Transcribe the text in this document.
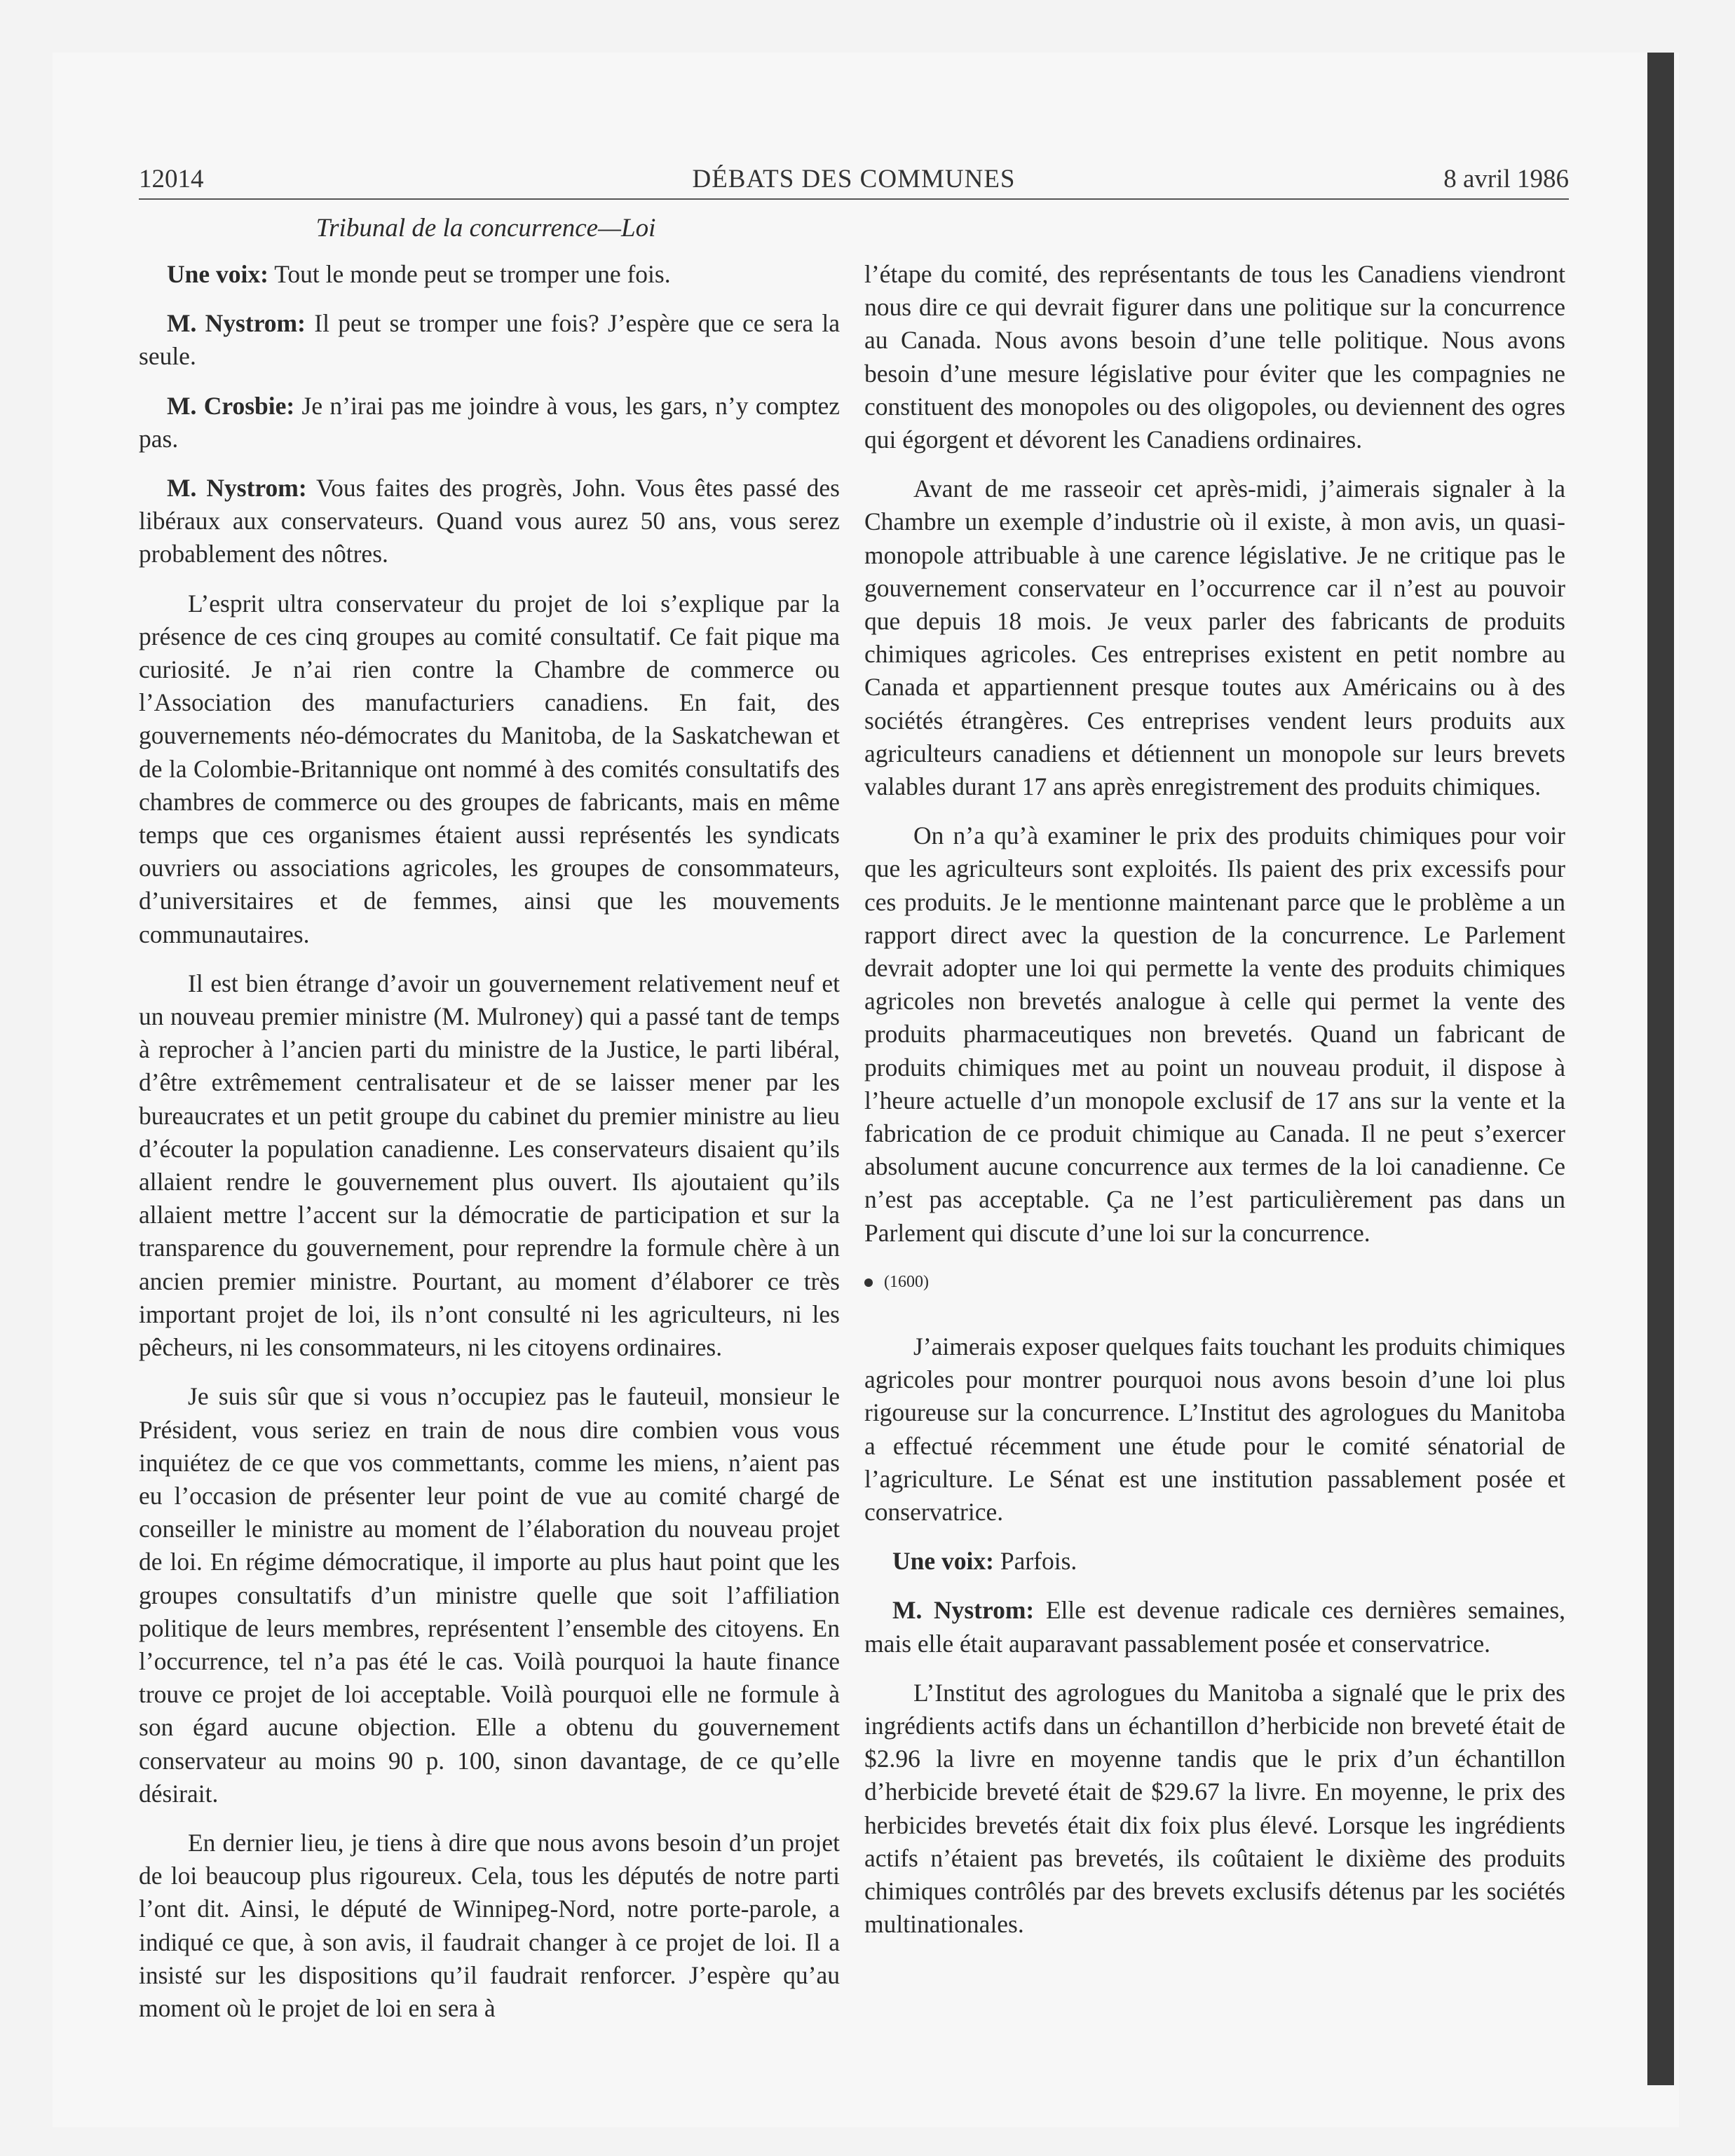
12014	DÉBATS DES COMMUNES	8 avril 1986
Tribunal de la concurrence—Loi

Une voix: Tout le monde peut se tromper une fois.

M. Nystrom: Il peut se tromper une fois? J’espère que ce sera la seule.

M. Crosbie: Je n’irai pas me joindre à vous, les gars, n’y comptez pas.

M. Nystrom: Vous faites des progrès, John. Vous êtes passé des libéraux aux conservateurs. Quand vous aurez 50 ans, vous serez probablement des nôtres.

L’esprit ultra conservateur du projet de loi s’explique par la présence de ces cinq groupes au comité consultatif. Ce fait pique ma curiosité. Je n’ai rien contre la Chambre de commerce ou l’Association des manufacturiers canadiens. En fait, des gouvernements néo-démocrates du Manitoba, de la Saskatchewan et de la Colombie-Britannique ont nommé à des comités consultatifs des chambres de commerce ou des groupes de fabricants, mais en même temps que ces organismes étaient aussi représentés les syndicats ouvriers ou associations agricoles, les groupes de consommateurs, d’universitaires et de femmes, ainsi que les mouvements communautaires.

Il est bien étrange d’avoir un gouvernement relativement neuf et un nouveau premier ministre (M. Mulroney) qui a passé tant de temps à reprocher à l’ancien parti du ministre de la Justice, le parti libéral, d’être extrêmement centralisateur et de se laisser mener par les bureaucrates et un petit groupe du cabinet du premier ministre au lieu d’écouter la population canadienne. Les conservateurs disaient qu’ils allaient rendre le gouvernement plus ouvert. Ils ajoutaient qu’ils allaient mettre l’accent sur la démocratie de participation et sur la transparence du gouvernement, pour reprendre la formule chère à un ancien premier ministre. Pourtant, au moment d’élaborer ce très important projet de loi, ils n’ont consulté ni les agriculteurs, ni les pêcheurs, ni les consommateurs, ni les citoyens ordinaires.

Je suis sûr que si vous n’occupiez pas le fauteuil, monsieur le Président, vous seriez en train de nous dire combien vous vous inquiétez de ce que vos commettants, comme les miens, n’aient pas eu l’occasion de présenter leur point de vue au comité chargé de conseiller le ministre au moment de l’élaboration du nouveau projet de loi. En régime démocratique, il importe au plus haut point que les groupes consultatifs d’un ministre quelle que soit l’affiliation politique de leurs membres, représentent l’ensemble des citoyens. En l’occurrence, tel n’a pas été le cas. Voilà pourquoi la haute finance trouve ce projet de loi acceptable. Voilà pourquoi elle ne formule à son égard aucune objection. Elle a obtenu du gouvernement conservateur au moins 90 p. 100, sinon davantage, de ce qu’elle désirait.

En dernier lieu, je tiens à dire que nous avons besoin d’un projet de loi beaucoup plus rigoureux. Cela, tous les députés de notre parti l’ont dit. Ainsi, le député de Winnipeg-Nord, notre porte-parole, a indiqué ce que, à son avis, il faudrait changer à ce projet de loi. Il a insisté sur les dispositions qu’il faudrait renforcer. J’espère qu’au moment où le projet de loi en sera à

l’étape du comité, des représentants de tous les Canadiens viendront nous dire ce qui devrait figurer dans une politique sur la concurrence au Canada. Nous avons besoin d’une telle politique. Nous avons besoin d’une mesure législative pour éviter que les compagnies ne constituent des monopoles ou des oligopoles, ou deviennent des ogres qui égorgent et dévorent les Canadiens ordinaires.

Avant de me rasseoir cet après-midi, j’aimerais signaler à la Chambre un exemple d’industrie où il existe, à mon avis, un quasi-monopole attribuable à une carence législative. Je ne critique pas le gouvernement conservateur en l’occurrence car il n’est au pouvoir que depuis 18 mois. Je veux parler des fabricants de produits chimiques agricoles. Ces entreprises existent en petit nombre au Canada et appartiennent presque toutes aux Américains ou à des sociétés étrangères. Ces entreprises vendent leurs produits aux agriculteurs canadiens et détiennent un monopole sur leurs brevets valables durant 17 ans après enregistrement des produits chimiques.

On n’a qu’à examiner le prix des produits chimiques pour voir que les agriculteurs sont exploités. Ils paient des prix excessifs pour ces produits. Je le mentionne maintenant parce que le problème a un rapport direct avec la question de la concurrence. Le Parlement devrait adopter une loi qui permette la vente des produits chimiques agricoles non brevetés analogue à celle qui permet la vente des produits pharmaceutiques non brevetés. Quand un fabricant de produits chimiques met au point un nouveau produit, il dispose à l’heure actuelle d’un monopole exclusif de 17 ans sur la vente et la fabrication de ce produit chimique au Canada. Il ne peut s’exercer absolument aucune concurrence aux termes de la loi canadienne. Ce n’est pas acceptable. Ça ne l’est particulièrement pas dans un Parlement qui discute d’une loi sur la concurrence.

(1600)

J’aimerais exposer quelques faits touchant les produits chimiques agricoles pour montrer pourquoi nous avons besoin d’une loi plus rigoureuse sur la concurrence. L’Institut des agrologues du Manitoba a effectué récemment une étude pour le comité sénatorial de l’agriculture. Le Sénat est une institution passablement posée et conservatrice.

Une voix: Parfois.

M. Nystrom: Elle est devenue radicale ces dernières semaines, mais elle était auparavant passablement posée et conservatrice.

L’Institut des agrologues du Manitoba a signalé que le prix des ingrédients actifs dans un échantillon d’herbicide non breveté était de $2.96 la livre en moyenne tandis que le prix d’un échantillon d’herbicide breveté était de $29.67 la livre. En moyenne, le prix des herbicides brevetés était dix foix plus élevé. Lorsque les ingrédients actifs n’étaient pas brevetés, ils coûtaient le dixième des produits chimiques contrôlés par des brevets exclusifs détenus par les sociétés multinationales.
